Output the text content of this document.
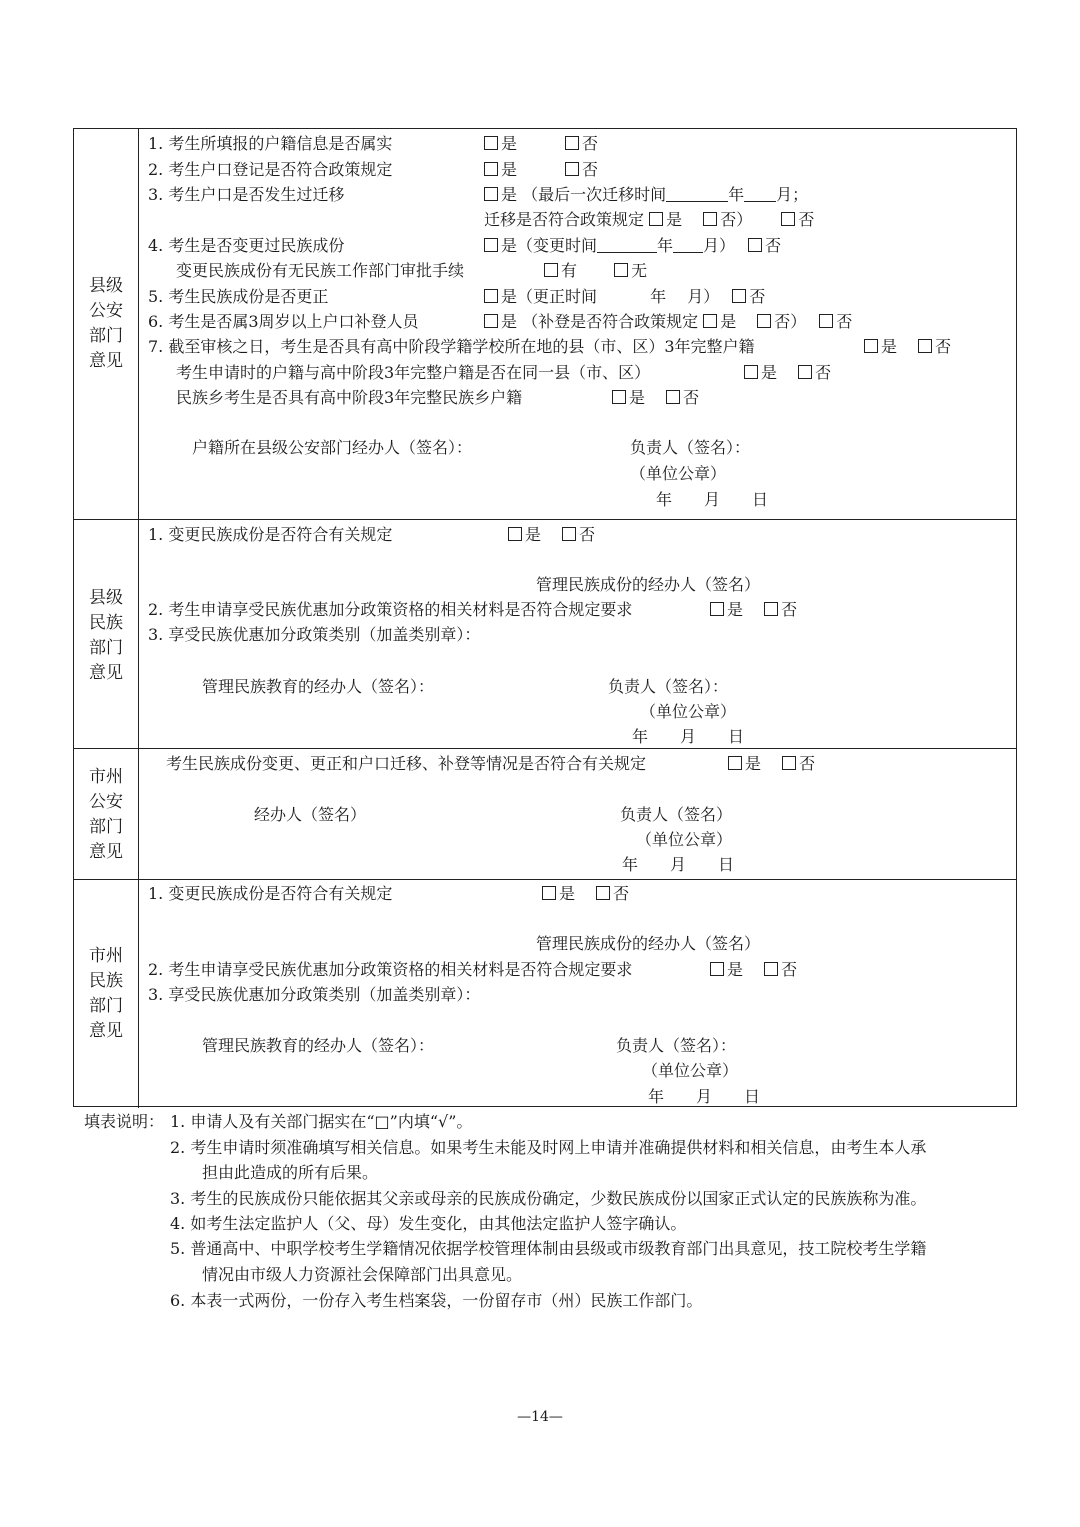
县级
公安
部门
意见
1. 考生所填报的户籍信息是否属实	是　　　	否
2. 考生户口登记是否符合政策规定	是　　　	否
3. 考生户口是否发生过迁移	是 （最后一次迁移时间	年 月；
迁移是否符合政策规定 是　 否）　　	否
4. 考生是否变更过民族成份	是（变更时间	年 月）　 否
变更民族成份有无民族工作部门审批手续	有　　	无
5. 考生民族成份是否更正	是（更正时间　　　	年　 月）　 否
6. 考生是否属3周岁以上户口补登人员	是 （补登是否符合政策规定 是　 否）　 否
7. 截至审核之日，考生是否具有高中阶段学籍学校所在地的县（市、区）3年完整户籍	是　 否
考生申请时的户籍与高中阶段3年完整户籍是否在同一县（市、区）	是　 否
民族乡考生是否具有高中阶段3年完整民族乡户籍	是　 否
户籍所在县级公安部门经办人（签名）：	负责人（签名）：
（单位公章）
年　　月　　日
县级
民族
部门
意见
1. 变更民族成份是否符合有关规定	是　 否
管理民族成份的经办人（签名）
2. 考生申请享受民族优惠加分政策资格的相关材料是否符合规定要求	是　 否
3. 享受民族优惠加分政策类别（加盖类别章）：
管理民族教育的经办人（签名）：	负责人（签名）：
（单位公章）
年　　月　　日
市州
公安
部门
意见
考生民族成份变更、更正和户口迁移、补登等情况是否符合有关规定	是　 否
经办人（签名）	负责人（签名）
（单位公章）
年　　月　　日
市州
民族
部门
意见
1. 变更民族成份是否符合有关规定	是　 否
管理民族成份的经办人（签名）
2. 考生申请享受民族优惠加分政策资格的相关材料是否符合规定要求	是　 否
3. 享受民族优惠加分政策类别（加盖类别章）：
管理民族教育的经办人（签名）：	负责人（签名）：
（单位公章）
年　　月　　日
填表说明： 1. 申请人及有关部门据实在“□”内填“√”。
2. 考生申请时须准确填写相关信息。如果考生未能及时网上申请并准确提供材料和相关信息，由考生本人承
担由此造成的所有后果。
3. 考生的民族成份只能依据其父亲或母亲的民族成份确定，少数民族成份以国家正式认定的民族族称为准。
4. 如考生法定监护人（父、母）发生变化，由其他法定监护人签字确认。
5. 普通高中、中职学校考生学籍情况依据学校管理体制由县级或市级教育部门出具意见，技工院校考生学籍
情况由市级人力资源社会保障部门出具意见。
6. 本表一式两份，一份存入考生档案袋，一份留存市（州）民族工作部门。
—14—
